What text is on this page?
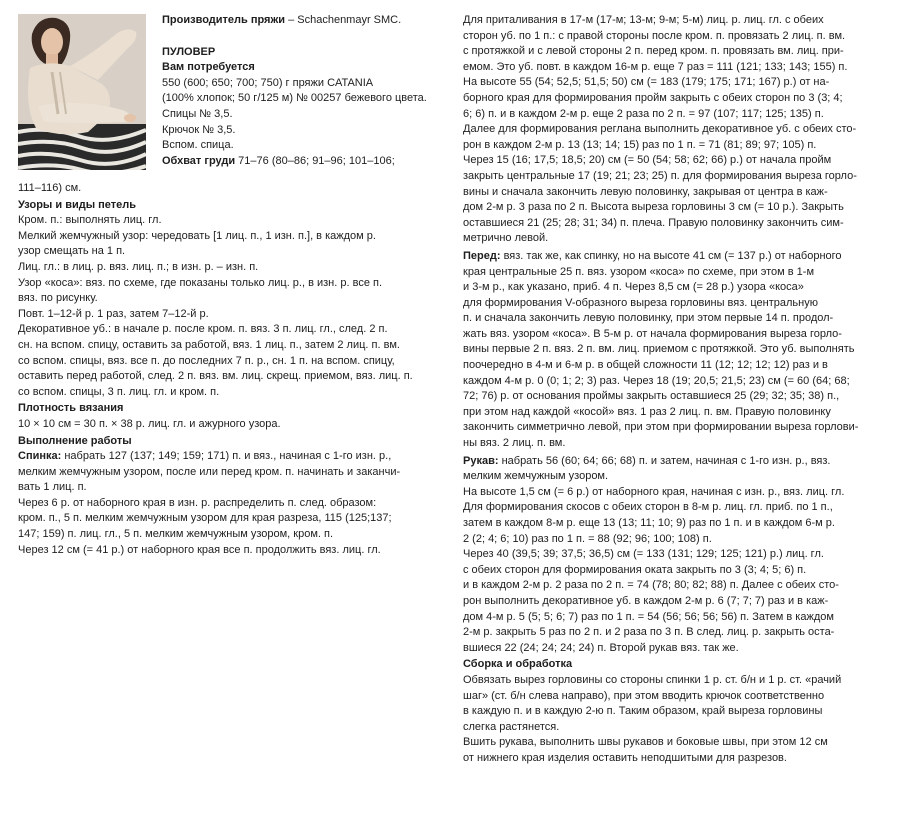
Производитель пряжи – Schachenmayr SMC.

ПУЛОВЕР

Вам потребуется

550 (600; 650; 700; 750) г пряжи CATANIA

(100% хлопок; 50 г/125 м) № 00257 бежевого цвета.

Спицы № 3,5.

Крючок № 3,5.

Вспом. спица.

Обхват груди 71–76 (80–86; 91–96; 101–106;

111–116) см.

Узоры и виды петель

Кром. п.: выполнять лиц. гл.

Мелкий жемчужный узор: чередовать [1 лиц. п., 1 изн. п.], в каждом р.

узор смещать на 1 п.

Лиц. гл.: в лиц. р. вяз. лиц. п.; в изн. р. – изн. п.

Узор «коса»: вяз. по схеме, где показаны только лиц. р., в изн. р. все п.

вяз. по рисунку.

Повт. 1–12-й р. 1 раз, затем 7–12-й р.

Декоративное уб.: в начале р. после кром. п. вяз. 3 п. лиц. гл., след. 2 п.

сн. на вспом. спицу, оставить за работой, вяз. 1 лиц. п., затем 2 лиц. п. вм.

со вспом. спицы, вяз. все п. до последних 7 п. р., сн. 1 п. на вспом. спицу,

оставить перед работой, след. 2 п. вяз. вм. лиц. скрещ. приемом, вяз. лиц. п.

со вспом. спицы, 3 п. лиц. гл. и кром. п.

Плотность вязания

10 × 10 см = 30 п. × 38 р. лиц. гл. и ажурного узора.

Выполнение работы

Спинка: набрать 127 (137; 149; 159; 171) п. и вяз., начиная с 1-го изн. р.,

мелким жемчужным узором, после или перед кром. п. начинать и заканчи-

вать 1 лиц. п.

Через 6 р. от наборного края в изн. р. распределить п. след. образом:

кром. п., 5 п. мелким жемчужным узором для края разреза, 115 (125;137;

147; 159) п. лиц. гл., 5 п. мелким жемчужным узором, кром. п.

Через 12 см (= 41 р.) от наборного края все п. продолжить вяз. лиц. гл.

Для приталивания в 17-м (17-м; 13-м; 9-м; 5-м) лиц. р. лиц. гл. с обеих

сторон уб. по 1 п.: с правой стороны после кром. п. провязать 2 лиц. п. вм.

с протяжкой и с левой стороны 2 п. перед кром. п. провязать вм. лиц. при-

емом. Это уб. повт. в каждом 16-м р. еще 7 раз = 111 (121; 133; 143; 155) п.

На высоте 55 (54; 52,5; 51,5; 50) см (= 183 (179; 175; 171; 167) р.) от на-

борного края для формирования пройм закрыть с обеих сторон по 3 (3; 4;

6; 6) п. и в каждом 2-м р. еще 2 раза по 2 п. = 97 (107; 117; 125; 135) п.

Далее для формирования реглана выполнить декоративное уб. с обеих сто-

рон в каждом 2-м р. 13 (13; 14; 15) раз по 1 п. = 71 (81; 89; 97; 105) п.

Через 15 (16; 17,5; 18,5; 20) см (= 50 (54; 58; 62; 66) р.) от начала пройм

закрыть центральные 17 (19; 21; 23; 25) п. для формирования выреза горло-

вины и сначала закончить левую половинку, закрывая от центра в каж-

дом 2-м р. 3 раза по 2 п. Высота выреза горловины 3 см (= 10 р.). Закрыть

оставшиеся 21 (25; 28; 31; 34) п. плеча. Правую половинку закончить сим-

метрично левой.

Перед: вяз. так же, как спинку, но на высоте 41 см (= 137 р.) от наборного

края центральные 25 п. вяз. узором «коса» по схеме, при этом в 1-м

и 3-м р., как указано, приб. 4 п. Через 8,5 см (= 28 р.) узора «коса»

для формирования V-образного выреза горловины вяз. центральную

п. и сначала закончить левую половинку, при этом первые 14 п. продол-

жать вяз. узором «коса». В 5-м р. от начала формирования выреза горло-

вины первые 2 п. вяз. 2 п. вм. лиц. приемом с протяжкой. Это уб. выполнять

поочередно в 4-м и 6-м р. в общей сложности 11 (12; 12; 12; 12) раз и в

каждом 4-м р. 0 (0; 1; 2; 3) раз. Через 18 (19; 20,5; 21,5; 23) см (= 60 (64; 68;

72; 76) р. от основания проймы закрыть оставшиеся 25 (29; 32; 35; 38) п.,

при этом над каждой «косой» вяз. 1 раз 2 лиц. п. вм. Правую половинку

закончить симметрично левой, при этом при формировании выреза горлови-

ны вяз. 2 лиц. п. вм.

Рукав: набрать 56 (60; 64; 66; 68) п. и затем, начиная с 1-го изн. р., вяз.

мелким жемчужным узором.

На высоте 1,5 см (= 6 р.) от наборного края, начиная с изн. р., вяз. лиц. гл.

Для формирования скосов с обеих сторон в 8-м р. лиц. гл. приб. по 1 п.,

затем в каждом 8-м р. еще 13 (13; 11; 10; 9) раз по 1 п. и в каждом 6-м р.

2 (2; 4; 6; 10) раз по 1 п. = 88 (92; 96; 100; 108) п.

Через 40 (39,5; 39; 37,5; 36,5) см (= 133 (131; 129; 125; 121) р.) лиц. гл.

с обеих сторон для формирования оката закрыть по 3 (3; 4; 5; 6) п.

и в каждом 2-м р. 2 раза по 2 п. = 74 (78; 80; 82; 88) п. Далее с обеих сто-

рон выполнить декоративное уб. в каждом 2-м р. 6 (7; 7; 7) раз и в каж-

дом 4-м р. 5 (5; 5; 6; 7) раз по 1 п. = 54 (56; 56; 56; 56) п. Затем в каждом

2-м р. закрыть 5 раз по 2 п. и 2 раза по 3 п. В след. лиц. р. закрыть оста-

вшиеся 22 (24; 24; 24; 24) п. Второй рукав вяз. так же.

Сборка и обработка

Обвязать вырез горловины со стороны спинки 1 р. ст. б/н и 1 р. ст. «рачий

шаг» (ст. б/н слева направо), при этом вводить крючок соответственно

в каждую п. и в каждую 2-ю п. Таким образом, край выреза горловины

слегка растянется.

Вшить рукава, выполнить швы рукавов и боковые швы, при этом 12 см

от нижнего края изделия оставить неподшитыми для разрезов.
